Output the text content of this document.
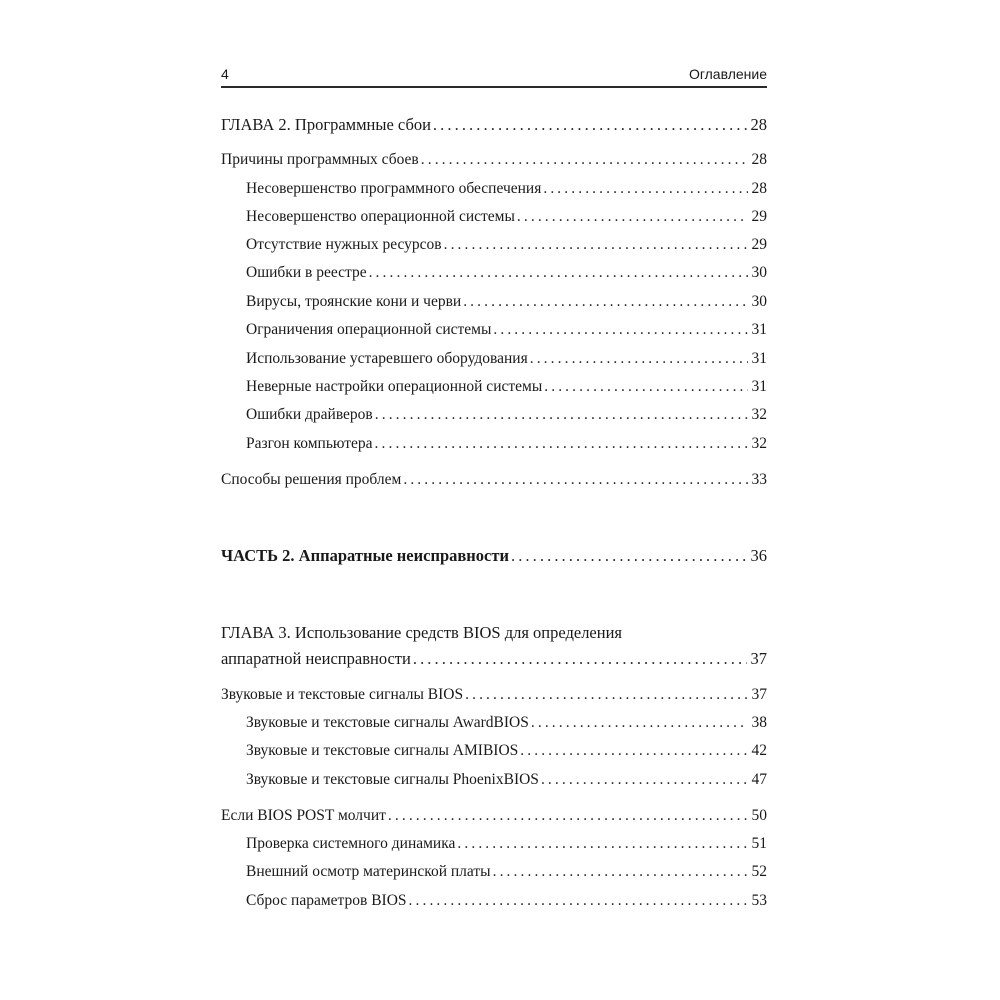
4	Оглавление
ГЛАВА 2. Программные сбои .....	28
Причины программных сбоев .....	28
Несовершенство программного обеспечения .....	28
Несовершенство операционной системы .....	29
Отсутствие нужных ресурсов .....	29
Ошибки в реестре .....	30
Вирусы, троянские кони и черви .....	30
Ограничения операционной системы .....	31
Использование устаревшего оборудования .....	31
Неверные настройки операционной системы .....	31
Ошибки драйверов .....	32
Разгон компьютера .....	32
Способы решения проблем .....	33
ЧАСТЬ 2. Аппаратные неисправности .....	36
ГЛАВА 3. Использование средств BIOS для определения
аппаратной неисправности .....	37
Звуковые и текстовые сигналы BIOS .....	37
Звуковые и текстовые сигналы AwardBIOS .....	38
Звуковые и текстовые сигналы AMIBIOS .....	42
Звуковые и текстовые сигналы PhoenixBIOS .....	47
Если BIOS POST молчит .....	50
Проверка системного динамика .....	51
Внешний осмотр материнской платы .....	52
Сброс параметров BIOS .....	53
